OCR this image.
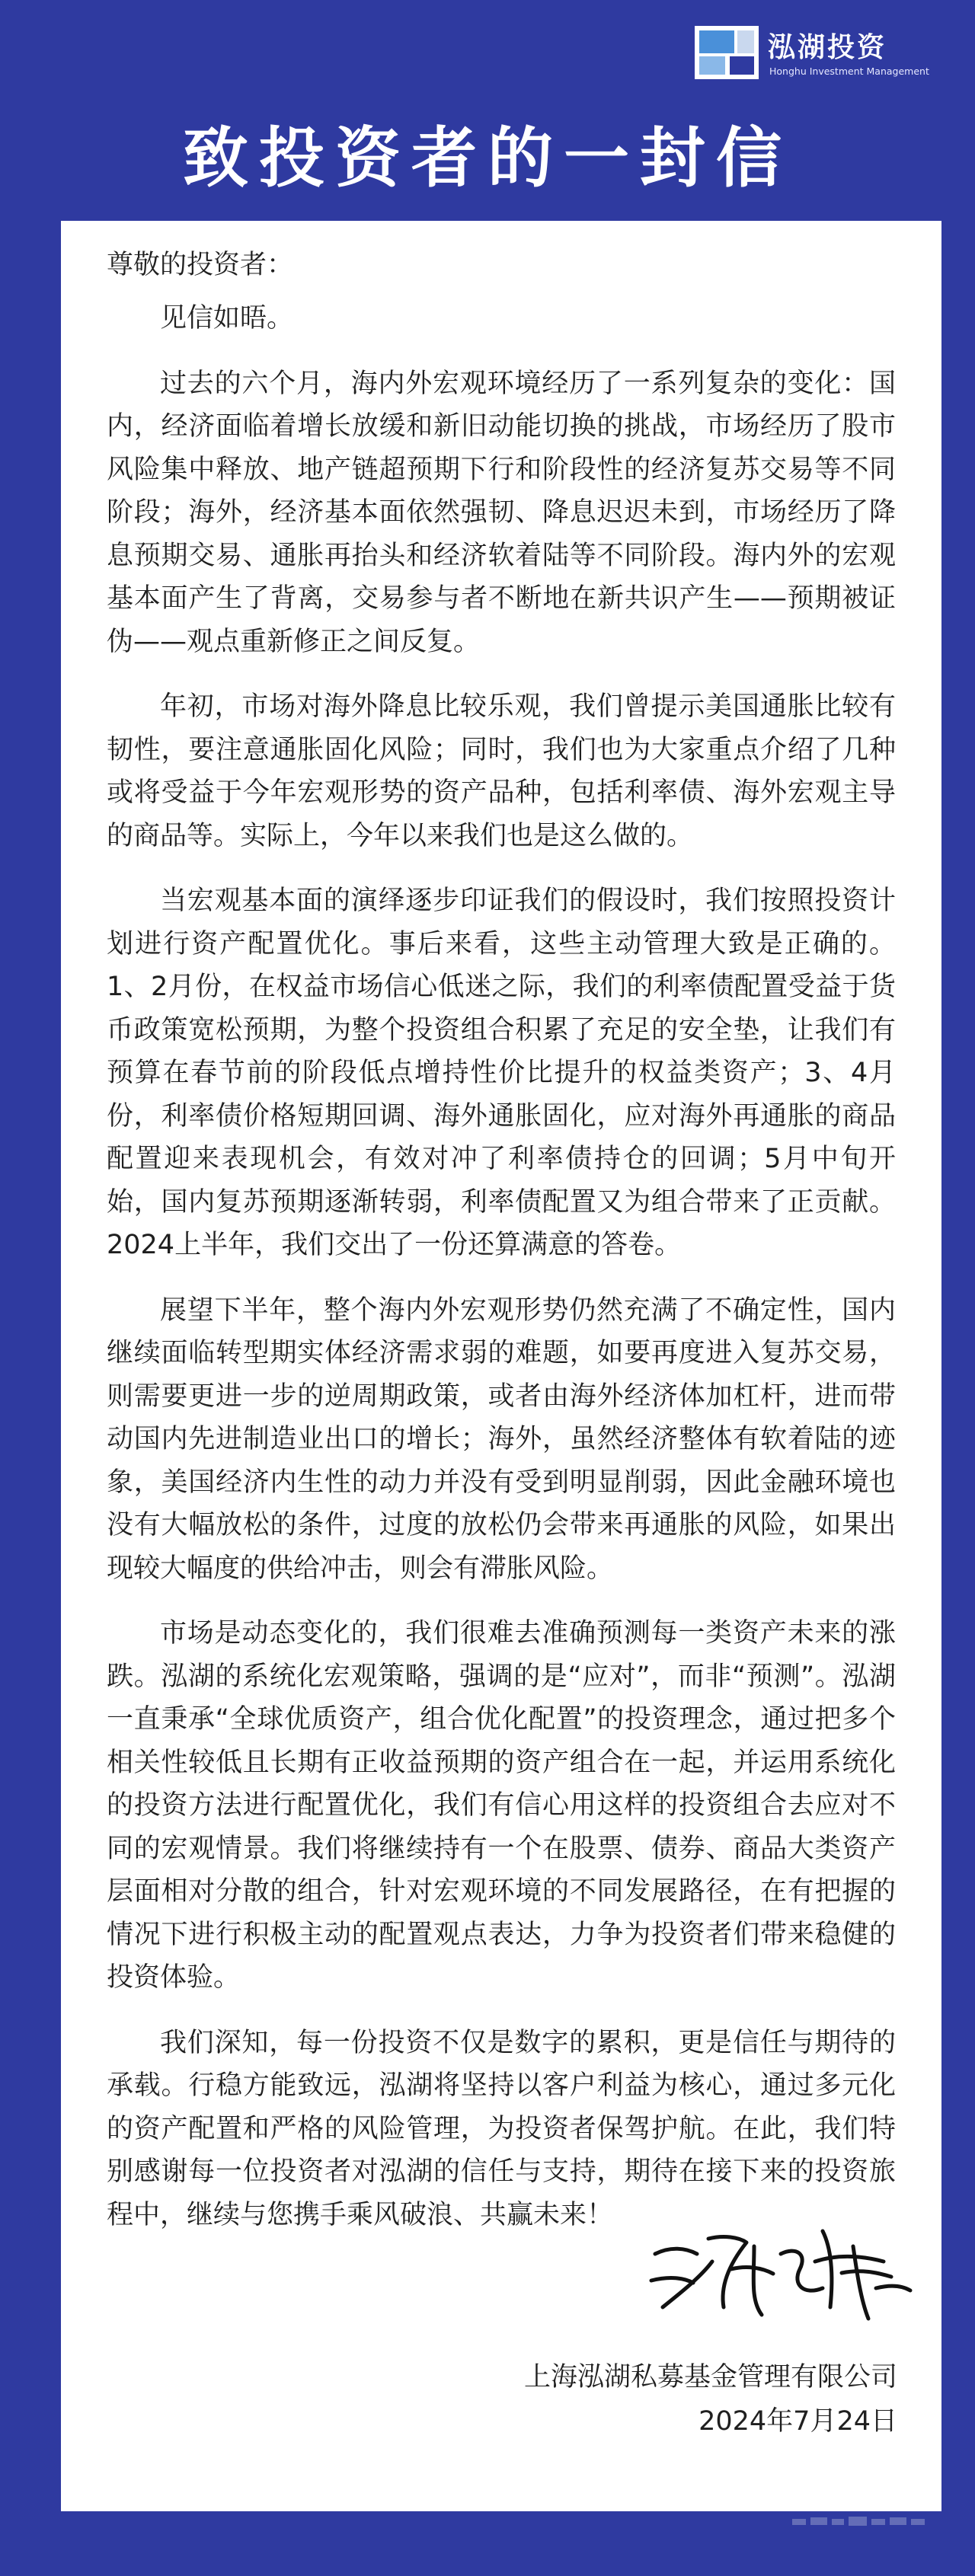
泓湖投资
Honghu Investment Management
致投资者的一封信
尊敬的投资者：

见信如晤。

过去的六个月，海内外宏观环境经历了一系列复杂的变化：国内，经济面临着增长放缓和新旧动能切换的挑战，市场经历了股市风险集中释放、地产链超预期下行和阶段性的经济复苏交易等不同阶段；海外，经济基本面依然强韧、降息迟迟未到，市场经历了降息预期交易、通胀再抬头和经济软着陆等不同阶段。海内外的宏观基本面产生了背离，交易参与者不断地在新共识产生——预期被证伪——观点重新修正之间反复。

年初，市场对海外降息比较乐观，我们曾提示美国通胀比较有韧性，要注意通胀固化风险；同时，我们也为大家重点介绍了几种或将受益于今年宏观形势的资产品种，包括利率债、海外宏观主导的商品等。实际上，今年以来我们也是这么做的。

当宏观基本面的演绎逐步印证我们的假设时，我们按照投资计划进行资产配置优化。事后来看，这些主动管理大致是正确的。1、2月份，在权益市场信心低迷之际，我们的利率债配置受益于货币政策宽松预期，为整个投资组合积累了充足的安全垫，让我们有预算在春节前的阶段低点增持性价比提升的权益类资产；3、4月份，利率债价格短期回调、海外通胀固化，应对海外再通胀的商品配置迎来表现机会，有效对冲了利率债持仓的回调；5月中旬开始，国内复苏预期逐渐转弱，利率债配置又为组合带来了正贡献。2024上半年，我们交出了一份还算满意的答卷。

展望下半年，整个海内外宏观形势仍然充满了不确定性，国内继续面临转型期实体经济需求弱的难题，如要再度进入复苏交易，则需要更进一步的逆周期政策，或者由海外经济体加杠杆，进而带动国内先进制造业出口的增长；海外，虽然经济整体有软着陆的迹象，美国经济内生性的动力并没有受到明显削弱，因此金融环境也没有大幅放松的条件，过度的放松仍会带来再通胀的风险，如果出现较大幅度的供给冲击，则会有滞胀风险。

市场是动态变化的，我们很难去准确预测每一类资产未来的涨跌。泓湖的系统化宏观策略，强调的是“应对”，而非“预测”。泓湖一直秉承“全球优质资产，组合优化配置”的投资理念，通过把多个相关性较低且长期有正收益预期的资产组合在一起，并运用系统化的投资方法进行配置优化，我们有信心用这样的投资组合去应对不同的宏观情景。我们将继续持有一个在股票、债券、商品大类资产层面相对分散的组合，针对宏观环境的不同发展路径，在有把握的情况下进行积极主动的配置观点表达，力争为投资者们带来稳健的投资体验。

我们深知，每一份投资不仅是数字的累积，更是信任与期待的承载。行稳方能致远，泓湖将坚持以客户利益为核心，通过多元化的资产配置和严格的风险管理，为投资者保驾护航。在此，我们特别感谢每一位投资者对泓湖的信任与支持，期待在接下来的投资旅程中，继续与您携手乘风破浪、共赢未来！

上海泓湖私募基金管理有限公司
2024年7月24日
